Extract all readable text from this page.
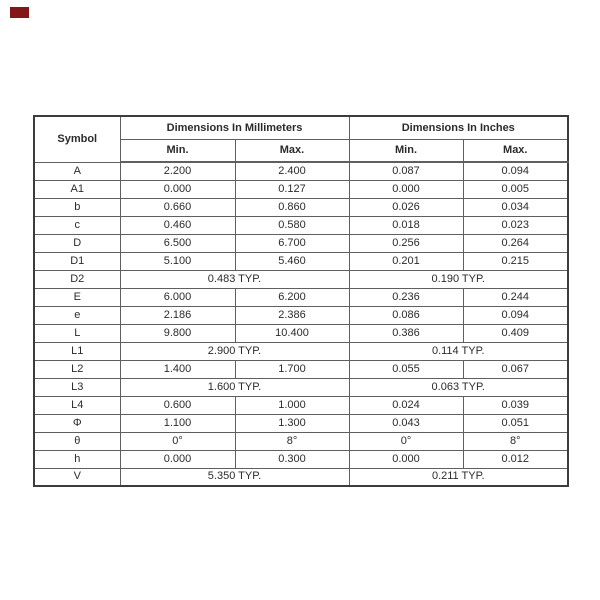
Symbol	Dimensions In Millimeters		Dimensions In Inches	
	Min.	Max.	Min.	Max.
A	2.200	2.400	0.087	0.094
A1	0.000	0.127	0.000	0.005
b	0.660	0.860	0.026	0.034
c	0.460	0.580	0.018	0.023
D	6.500	6.700	0.256	0.264
D1	5.100	5.460	0.201	0.215
D2	0.483 TYP.		0.190 TYP.	
E	6.000	6.200	0.236	0.244
e	2.186	2.386	0.086	0.094
L	9.800	10.400	0.386	0.409
L1	2.900 TYP.		0.114 TYP.	
L2	1.400	1.700	0.055	0.067
L3	1.600 TYP.		0.063 TYP.	
L4	0.600	1.000	0.024	0.039
Φ	1.100	1.300	0.043	0.051
θ	0°	8°	0°	8°
h	0.000	0.300	0.000	0.012
V	5.350 TYP.		0.211 TYP.	
